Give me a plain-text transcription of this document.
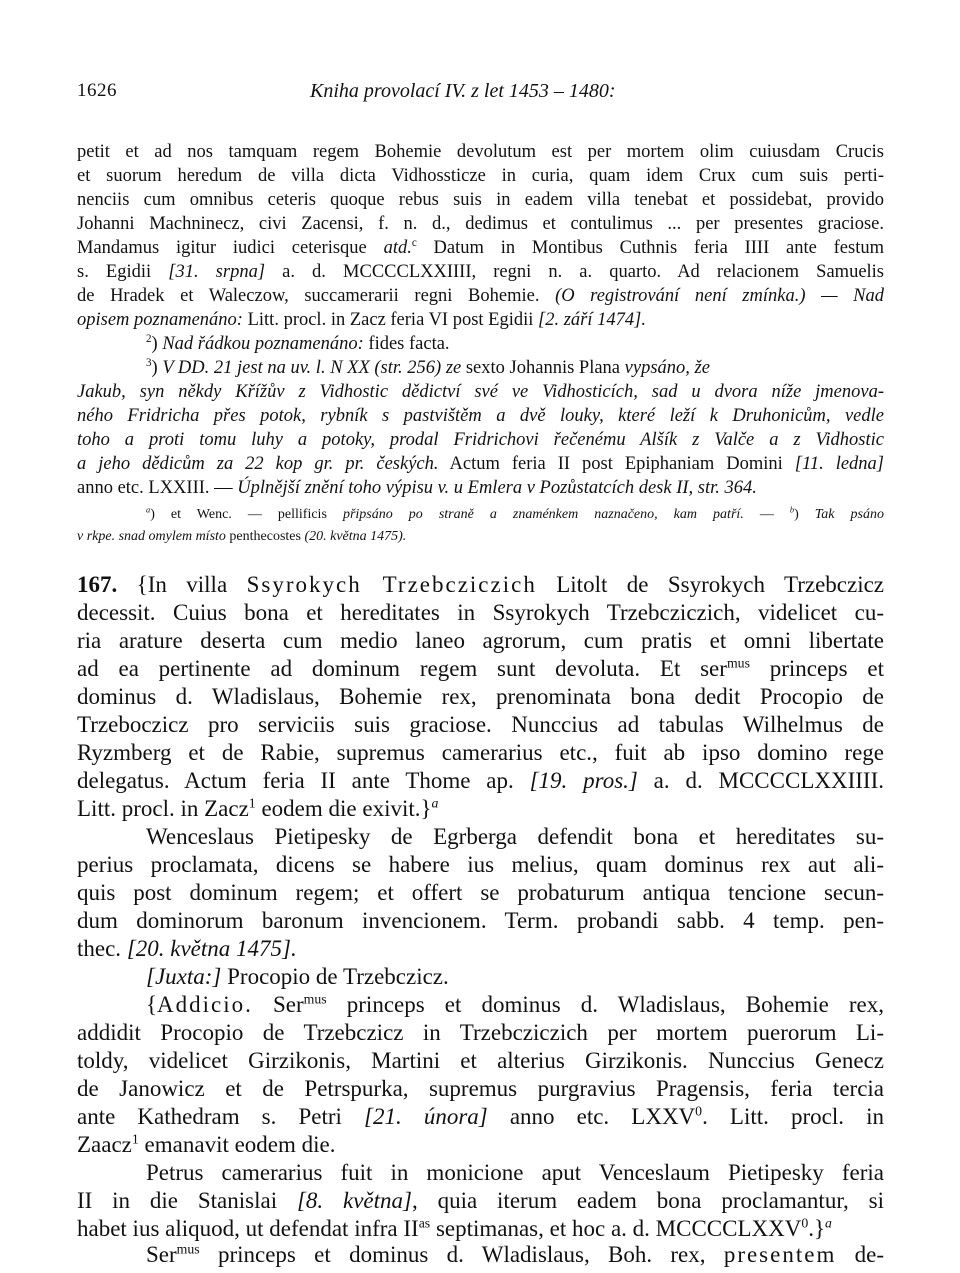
1626	Kniha provolací IV. z let 1453 – 1480:

petit et ad nos tamquam regem Bohemie devolutum est per mortem olim cuiusdam Crucis

et suorum heredum de villa dicta Vidhossticze in curia, quam idem Crux cum suis perti-

nenciis cum omnibus ceteris quoque rebus suis in eadem villa tenebat et possidebat, provido

Johanni Machninecz, civi Zacensi, f. n. d., dedimus et contulimus ... per presentes graciose.

Mandamus igitur iudici ceterisque atd.$^c$ Datum in Montibus Cuthnis feria IIII ante festum

s. Egidii [31. srpna] a. d. MCCCCLXXIIII, regni n. a. quarto. Ad relacionem Samuelis

de Hradek et Waleczow, succamerarii regni Bohemie. (O registrování není zmínka.) — Nad

opisem poznamenáno: Litt. procl. in Zacz feria VI post Egidii [2. září 1474].

$^2$) Nad řádkou poznamenáno: fides facta.

$^3$) V DD. 21 jest na uv. l. N XX (str. 256) ze sexto Johannis Plana vypsáno, že

Jakub, syn někdy Křížův z Vidhostic dědictví své ve Vidhosticích, sad u dvora níže jmenova-

ného Fridricha přes potok, rybník s pastvištěm a dvě louky, které leží k Druhonicům, vedle

toho a proti tomu luhy a potoky, prodal Fridrichovi řečenému Alšík z Valče a z Vidhostic

a jeho dědicům za 22 kop gr. pr. českých. Actum feria II post Epiphaniam Domini [11. ledna]

anno etc. LXXIII. — Úplnější znění toho výpisu v. u Emlera v Pozůstatcích desk II, str. 364.

$^a$) et Wenc. — pellificis připsáno po straně a znaménkem naznačeno, kam patří. — $^b$) Tak psáno

v rkpe. snad omylem místo penthecostes (20. května 1475).

167. {In villa Ssyrokych Trzebcziczich Litolt de Ssyrokych Trzebczicz

decessit. Cuius bona et hereditates in Ssyrokych Trzebcziczich, videlicet cu-

ria arature deserta cum medio laneo agrorum, cum pratis et omni libertate

ad ea pertinente ad dominum regem sunt devoluta. Et ser$^{mus}$ princeps et

dominus d. Wladislaus, Bohemie rex, prenominata bona dedit Procopio de

Trzeboczicz pro serviciis suis graciose. Nunccius ad tabulas Wilhelmus de

Ryzmberg et de Rabie, supremus camerarius etc., fuit ab ipso domino rege

delegatus. Actum feria II ante Thome ap. [19. pros.] a. d. MCCCCLXXIIII.

Litt. procl. in Zacz$^1$ eodem die exivit.}$^a$

Wenceslaus Pietipesky de Egrberga defendit bona et hereditates su-

perius proclamata, dicens se habere ius melius, quam dominus rex aut ali-

quis post dominum regem; et offert se probaturum antiqua tencione secun-

dum dominorum baronum invencionem. Term. probandi sabb. 4 temp. pen-

thec. [20. května 1475].

[Juxta:] Procopio de Trzebczicz.

{Addicio. Ser$^{mus}$ princeps et dominus d. Wladislaus, Bohemie rex,

addidit Procopio de Trzebczicz in Trzebcziczich per mortem puerorum Li-

toldy, videlicet Girzikonis, Martini et alterius Girzikonis. Nunccius Genecz

de Janowicz et de Petrspurka, supremus purgravius Pragensis, feria tercia

ante Kathedram s. Petri [21. února] anno etc. LXXV$^0$. Litt. procl. in

Zaacz$^1$ emanavit eodem die.

Petrus camerarius fuit in monicione aput Venceslaum Pietipesky feria

II in die Stanislai [8. května], quia iterum eadem bona proclamantur, si

habet ius aliquod, ut defendat infra $II^{as}$ septimanas, et hoc a. d. MCCCCLXXV$^0$.}$^a$

Ser$^{mus}$ princeps et dominus d. Wladislaus, Boh. rex, presentem de-
